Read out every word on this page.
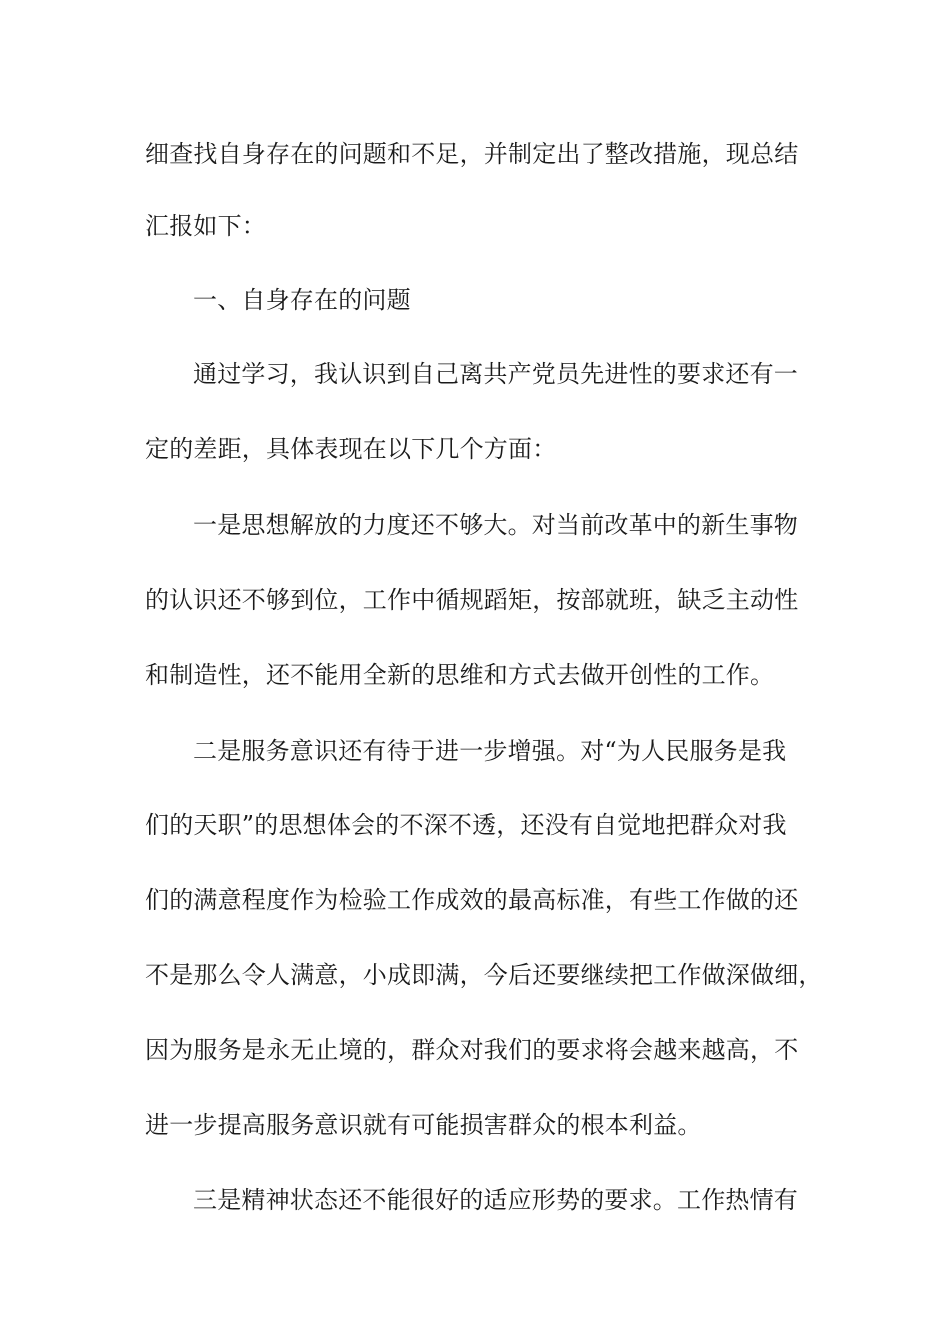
细查找自身存在的问题和不足，并制定出了整改措施，现总结
汇报如下：
一、自身存在的问题
通过学习，我认识到自己离共产党员先进性的要求还有一
定的差距，具体表现在以下几个方面：
一是思想解放的力度还不够大。对当前改革中的新生事物
的认识还不够到位，工作中循规蹈矩，按部就班，缺乏主动性
和制造性，还不能用全新的思维和方式去做开创性的工作。
二是服务意识还有待于进一步增强。对“为人民服务是我
们的天职”的思想体会的不深不透，还没有自觉地把群众对我
们的满意程度作为检验工作成效的最高标准，有些工作做的还
不是那么令人满意，小成即满，今后还要继续把工作做深做细，
因为服务是永无止境的，群众对我们的要求将会越来越高，不
进一步提高服务意识就有可能损害群众的根本利益。
三是精神状态还不能很好的适应形势的要求。工作热情有
